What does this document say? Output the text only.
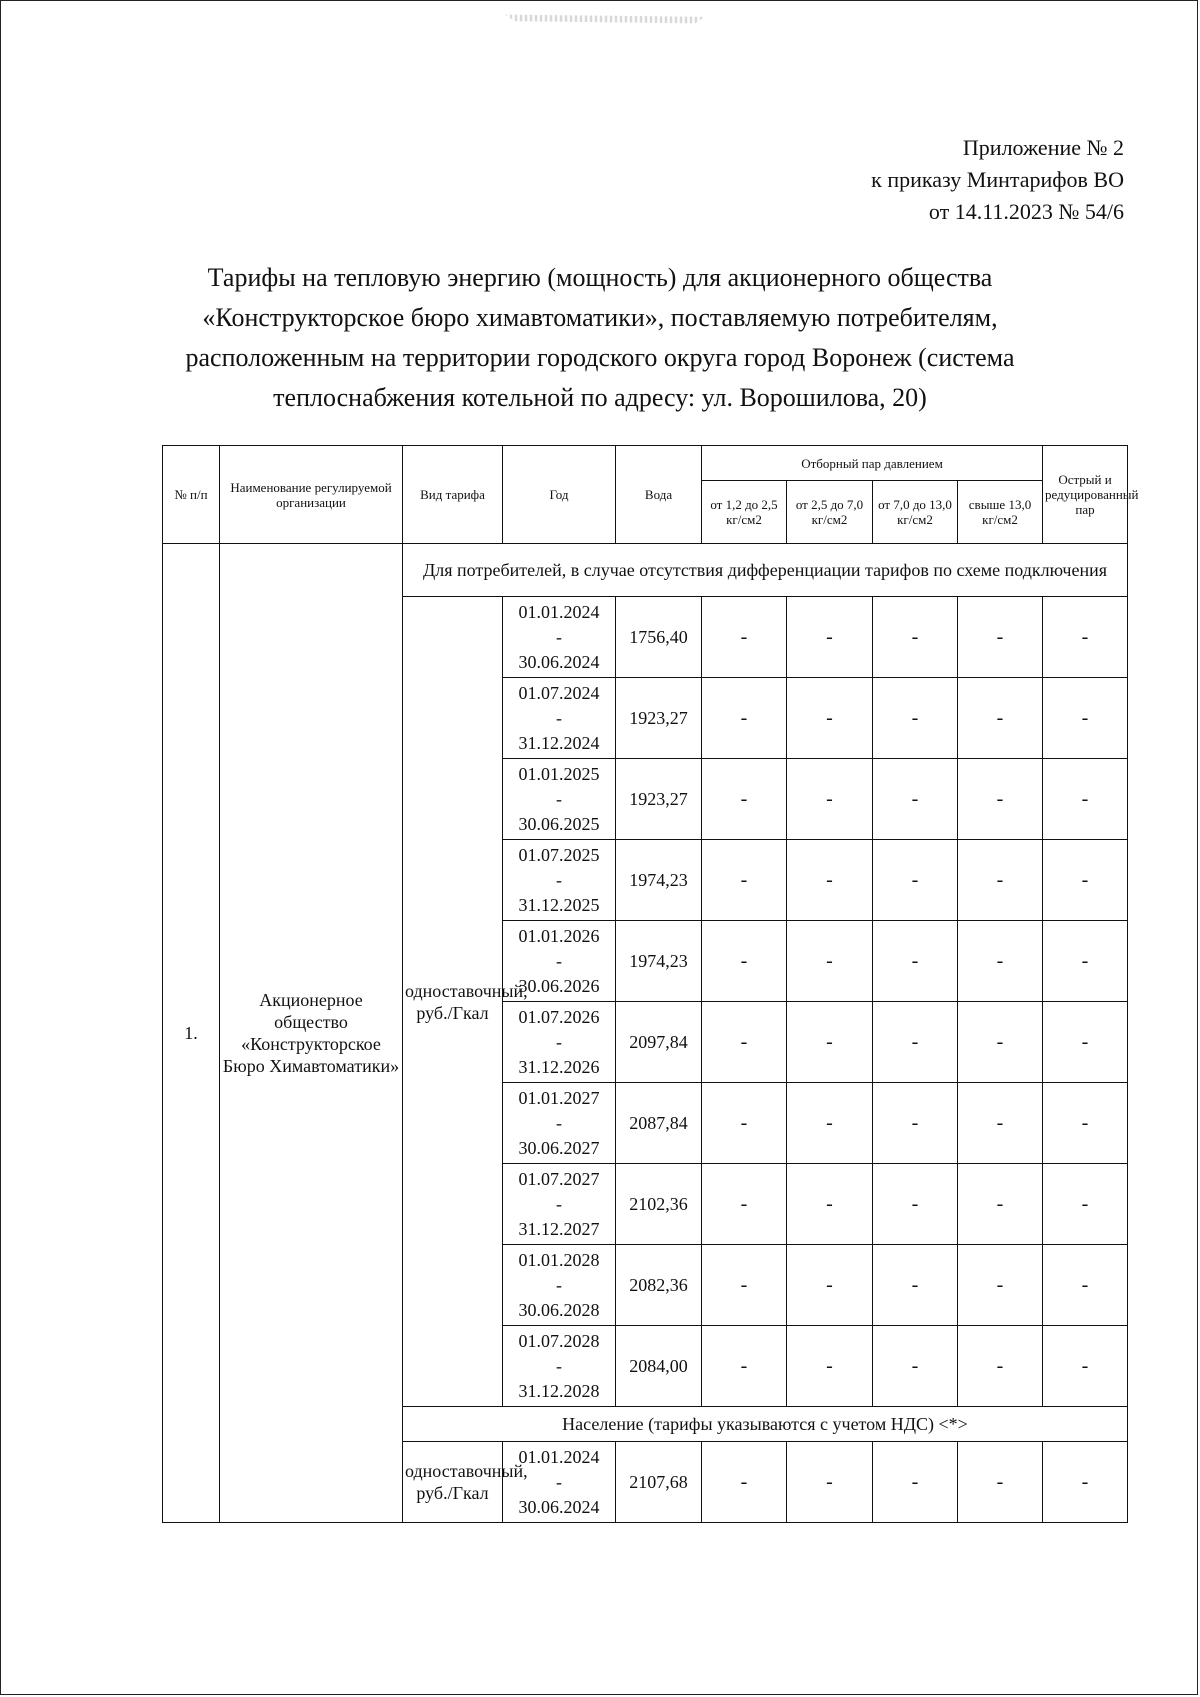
Приложение № 2
к приказу Минтарифов ВО
от 14.11.2023 № 54/6
Тарифы на тепловую энергию (мощность) для акционерного общества
«Конструкторское бюро химавтоматики», поставляемую потребителям,
расположенным на территории городского округа город Воронеж (система
теплоснабжения котельной по адресу: ул. Ворошилова, 20)
№ п/п	Наименование регулируемой организации	Вид тарифа	Год	Вода	Отборный пар давлением				Острый и редуцированный пар
					от 1,2 до 2,5 кг/см2	от 2,5 до 7,0 кг/см2	от 7,0 до 13,0 кг/см2	свыше 13,0 кг/см2	
1.	Акционерное общество «Конструкторское Бюро Химавтоматики»	Для потребителей, в случае отсутствия дифференциации тарифов по схеме подключения							
		одноставочный, руб./Гкал	01.01.2024
-
30.06.2024	1756,40	-	-	-	-	-

			01.07.2024
-
31.12.2024	1923,27	-	-	-	-	-

			01.01.2025
-
30.06.2025	1923,27	-	-	-	-	-

			01.07.2025
-
31.12.2025	1974,23	-	-	-	-	-

			01.01.2026
-
30.06.2026	1974,23	-	-	-	-	-

			01.07.2026
-
31.12.2026	2097,84	-	-	-	-	-

			01.01.2027
-
30.06.2027	2087,84	-	-	-	-	-

			01.07.2027
-
31.12.2027	2102,36	-	-	-	-	-

			01.01.2028
-
30.06.2028	2082,36	-	-	-	-	-

			01.07.2028
-
31.12.2028	2084,00	-	-	-	-	-
		Население (тарифы указываются с учетом НДС) <*>							
		одноставочный, руб./Гкал	01.01.2024
-
30.06.2024	2107,68	-	-	-	-	-
